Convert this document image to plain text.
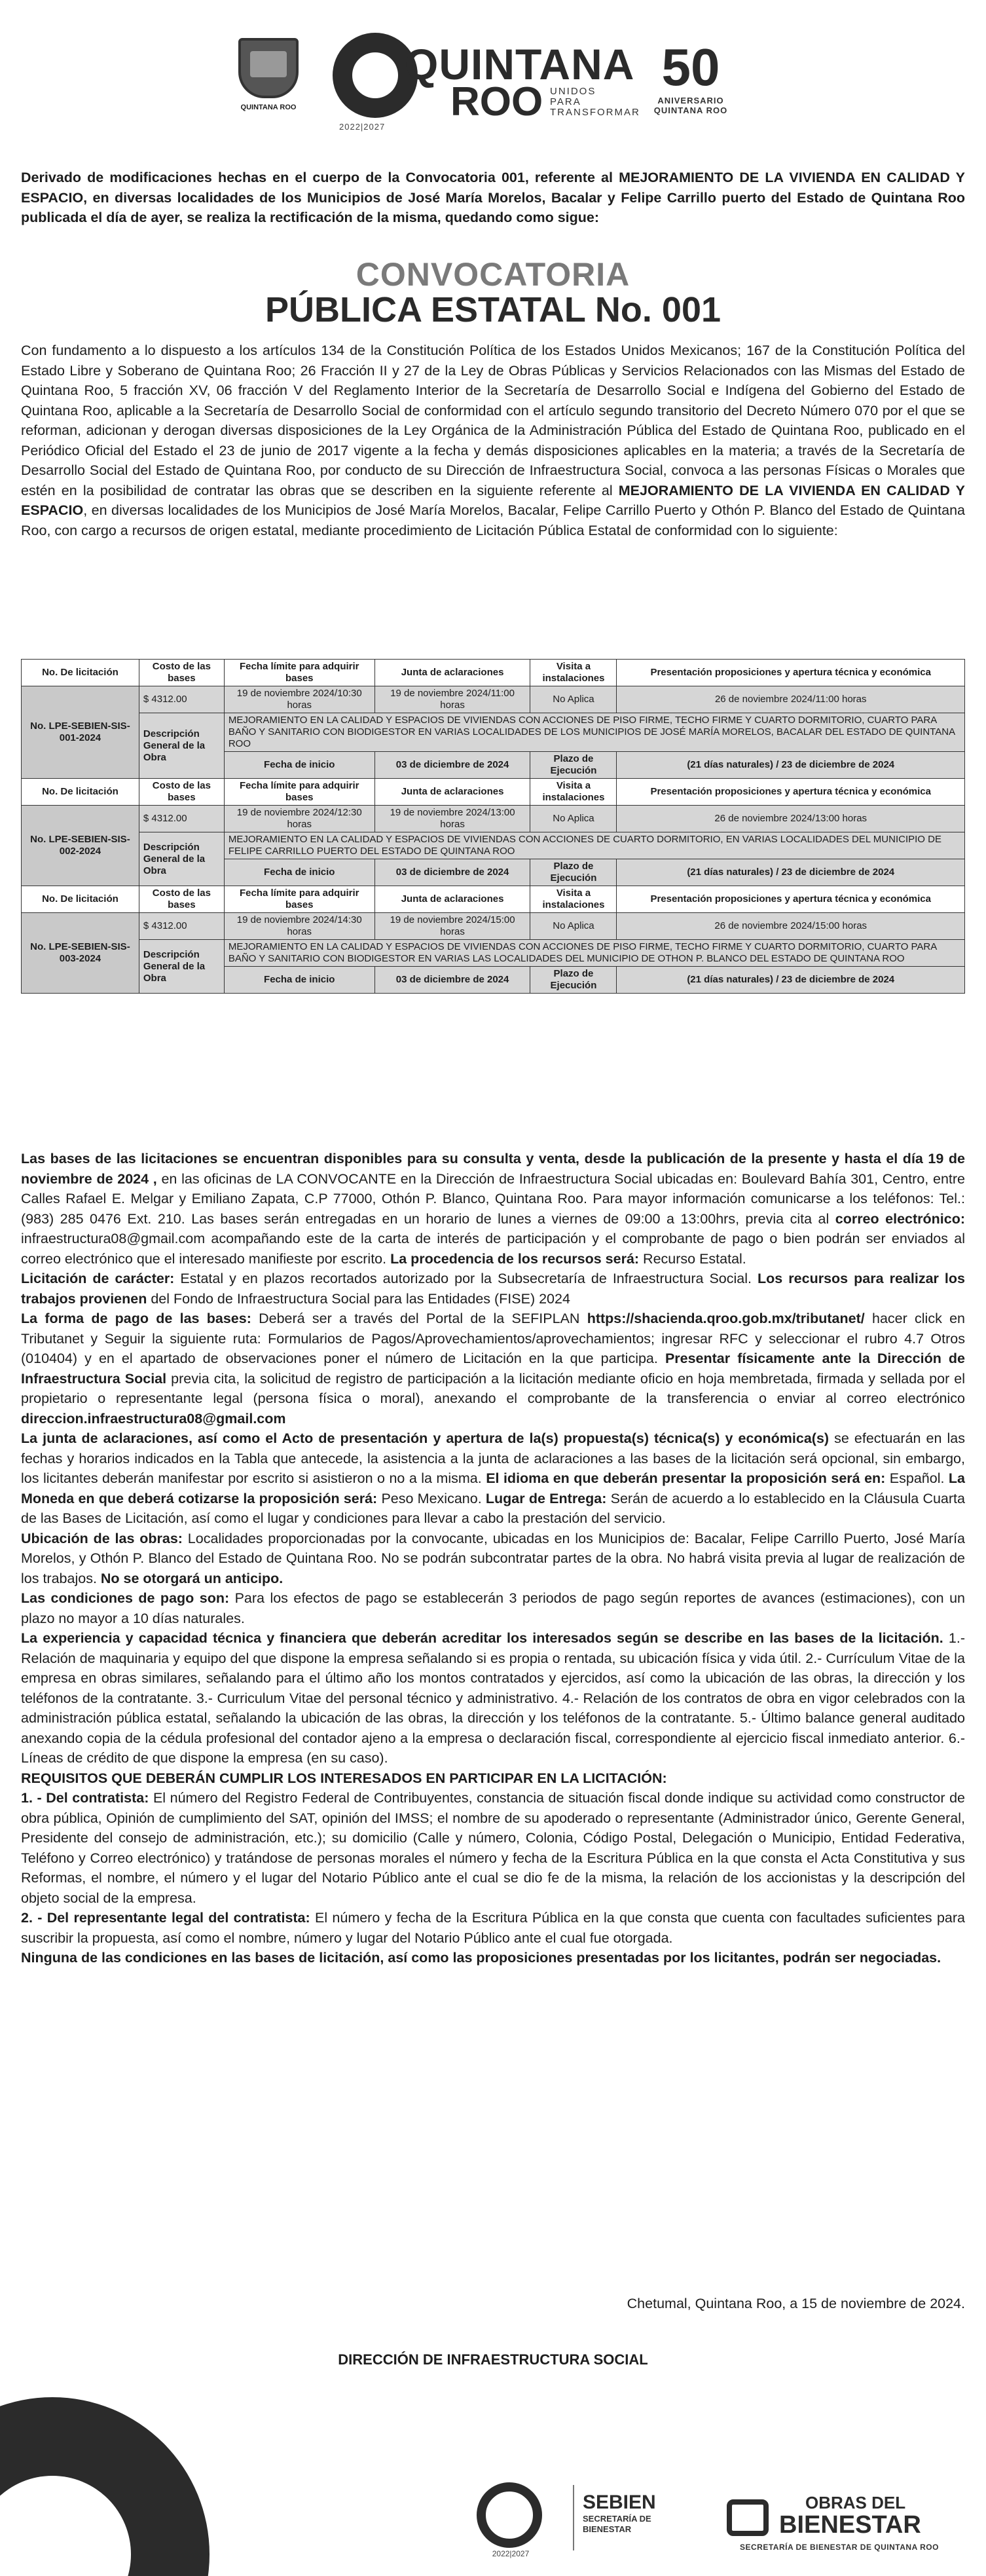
QUINTANA ROO
QUINTANA
ROO UNIDOS PARA TRANSFORMAR
2022|2027
50
ANIVERSARIO QUINTANA ROO
Derivado de modificaciones hechas en el cuerpo de la Convocatoria 001, referente al MEJORAMIENTO DE LA VIVIENDA EN CALIDAD Y ESPACIO, en diversas localidades de los Municipios de José María Morelos, Bacalar y Felipe Carrillo puerto del Estado de Quintana Roo publicada el día de ayer, se realiza la rectificación de la misma, quedando como sigue:
CONVOCATORIA
PÚBLICA ESTATAL No. 001
Con fundamento a lo dispuesto a los artículos 134 de la Constitución Política de los Estados Unidos Mexicanos; 167 de la Constitución Política del Estado Libre y Soberano de Quintana Roo; 26 Fracción II y 27 de la Ley de Obras Públicas y Servicios Relacionados con las Mismas del Estado de Quintana Roo, 5 fracción XV, 06 fracción V del Reglamento Interior de la Secretaría de Desarrollo Social e Indígena del Gobierno del Estado de Quintana Roo, aplicable a la Secretaría de Desarrollo Social de conformidad con el artículo segundo transitorio del Decreto Número 070 por el que se reforman, adicionan y derogan diversas disposiciones de la Ley Orgánica de la Administración Pública del Estado de Quintana Roo, publicado en el Periódico Oficial del Estado el 23 de junio de 2017 vigente a la fecha y demás disposiciones aplicables en la materia; a través de la Secretaría de Desarrollo Social del Estado de Quintana Roo, por conducto de su Dirección de Infraestructura Social, convoca a las personas Físicas o Morales que estén en la posibilidad de contratar las obras que se describen en la siguiente referente al MEJORAMIENTO DE LA VIVIENDA EN CALIDAD Y ESPACIO, en diversas localidades de los Municipios de José María Morelos, Bacalar, Felipe Carrillo Puerto y Othón P. Blanco del Estado de Quintana Roo, con cargo a recursos de origen estatal, mediante procedimiento de Licitación Pública Estatal de conformidad con lo siguiente:
No. De licitación	Costo de las bases	Fecha límite para adquirir bases	Junta de aclaraciones	Visita a instalaciones	Presentación proposiciones y apertura técnica y económica
No. LPE-SEBIEN-SIS-001-2024	$ 4312.00	19 de noviembre 2024/10:30 horas	19 de noviembre 2024/11:00 horas	No Aplica	26 de noviembre 2024/11:00 horas
	Descripción General de la Obra	MEJORAMIENTO EN LA CALIDAD Y ESPACIOS DE VIVIENDAS CON ACCIONES DE PISO FIRME, TECHO FIRME Y CUARTO DORMITORIO, CUARTO PARA BAÑO Y SANITARIO CON BIODIGESTOR EN VARIAS LOCALIDADES DE LOS MUNICIPIOS DE JOSÉ MARÍA MORELOS, BACALAR DEL ESTADO DE QUINTANA ROO			
		Fecha de inicio	03 de diciembre de 2024	Plazo de Ejecución	(21 días naturales) / 23 de diciembre de 2024
No. De licitación	Costo de las bases	Fecha límite para adquirir bases	Junta de aclaraciones	Visita a instalaciones	Presentación proposiciones y apertura técnica y económica
No. LPE-SEBIEN-SIS-002-2024	$ 4312.00	19 de noviembre 2024/12:30 horas	19 de noviembre 2024/13:00 horas	No Aplica	26 de noviembre 2024/13:00 horas
	Descripción General de la Obra	MEJORAMIENTO EN LA CALIDAD Y ESPACIOS DE VIVIENDAS CON ACCIONES DE CUARTO DORMITORIO, EN VARIAS LOCALIDADES DEL MUNICIPIO DE FELIPE CARRILLO PUERTO DEL ESTADO DE QUINTANA ROO			
		Fecha de inicio	03 de diciembre de 2024	Plazo de Ejecución	(21 días naturales) / 23 de diciembre de 2024
No. De licitación	Costo de las bases	Fecha límite para adquirir bases	Junta de aclaraciones	Visita a instalaciones	Presentación proposiciones y apertura técnica y económica
No. LPE-SEBIEN-SIS-003-2024	$ 4312.00	19 de noviembre 2024/14:30 horas	19 de noviembre 2024/15:00 horas	No Aplica	26 de noviembre 2024/15:00 horas
	Descripción General de la Obra	MEJORAMIENTO EN LA CALIDAD Y ESPACIOS DE VIVIENDAS CON ACCIONES DE PISO FIRME, TECHO FIRME Y CUARTO DORMITORIO, CUARTO PARA BAÑO Y SANITARIO CON BIODIGESTOR EN VARIAS LAS LOCALIDADES DEL MUNICIPIO DE OTHON P. BLANCO DEL ESTADO DE QUINTANA ROO			
		Fecha de inicio	03 de diciembre de 2024	Plazo de Ejecución	(21 días naturales) / 23 de diciembre de 2024
Las bases de las licitaciones se encuentran disponibles para su consulta y venta, desde la publicación de la presente y hasta el día 19 de noviembre de 2024 , en las oficinas de LA CONVOCANTE en la Dirección de Infraestructura Social ubicadas en: Boulevard Bahía 301, Centro, entre Calles Rafael E. Melgar y Emiliano Zapata, C.P 77000, Othón P. Blanco, Quintana Roo. Para mayor información comunicarse a los teléfonos: Tel.: (983) 285 0476 Ext. 210. Las bases serán entregadas en un horario de lunes a viernes de 09:00 a 13:00hrs, previa cita al correo electrónico: infraestructura08@gmail.com acompañando este de la carta de interés de participación y el comprobante de pago o bien podrán ser enviados al correo electrónico que el interesado manifieste por escrito. La procedencia de los recursos será: Recurso Estatal.
Licitación de carácter: Estatal y en plazos recortados autorizado por la Subsecretaría de Infraestructura Social. Los recursos para realizar los trabajos provienen del Fondo de Infraestructura Social para las Entidades (FISE) 2024
La forma de pago de las bases: Deberá ser a través del Portal de la SEFIPLAN https://shacienda.qroo.gob.mx/tributanet/ hacer click en Tributanet y Seguir la siguiente ruta: Formularios de Pagos/Aprovechamientos/aprovechamientos; ingresar RFC y seleccionar el rubro 4.7 Otros (010404) y en el apartado de observaciones poner el número de Licitación en la que participa. Presentar físicamente ante la Dirección de Infraestructura Social previa cita, la solicitud de registro de participación a la licitación mediante oficio en hoja membretada, firmada y sellada por el propietario o representante legal (persona física o moral), anexando el comprobante de la transferencia o enviar al correo electrónico direccion.infraestructura08@gmail.com
La junta de aclaraciones, así como el Acto de presentación y apertura de la(s) propuesta(s) técnica(s) y económica(s) se efectuarán en las fechas y horarios indicados en la Tabla que antecede, la asistencia a la junta de aclaraciones a las bases de la licitación será opcional, sin embargo, los licitantes deberán manifestar por escrito si asistieron o no a la misma. El idioma en que deberán presentar la proposición será en: Español. La Moneda en que deberá cotizarse la proposición será: Peso Mexicano. Lugar de Entrega: Serán de acuerdo a lo establecido en la Cláusula Cuarta de las Bases de Licitación, así como el lugar y condiciones para llevar a cabo la prestación del servicio.
Ubicación de las obras: Localidades proporcionadas por la convocante, ubicadas en los Municipios de: Bacalar, Felipe Carrillo Puerto, José María Morelos, y Othón P. Blanco del Estado de Quintana Roo. No se podrán subcontratar partes de la obra. No habrá visita previa al lugar de realización de los trabajos. No se otorgará un anticipo.
Las condiciones de pago son: Para los efectos de pago se establecerán 3 periodos de pago según reportes de avances (estimaciones), con un plazo no mayor a 10 días naturales.
La experiencia y capacidad técnica y financiera que deberán acreditar los interesados según se describe en las bases de la licitación. 1.- Relación de maquinaria y equipo del que dispone la empresa señalando si es propia o rentada, su ubicación física y vida útil. 2.- Currículum Vitae de la empresa en obras similares, señalando para el último año los montos contratados y ejercidos, así como la ubicación de las obras, la dirección y los teléfonos de la contratante. 3.- Curriculum Vitae del personal técnico y administrativo. 4.- Relación de los contratos de obra en vigor celebrados con la administración pública estatal, señalando la ubicación de las obras, la dirección y los teléfonos de la contratante. 5.- Último balance general auditado anexando copia de la cédula profesional del contador ajeno a la empresa o declaración fiscal, correspondiente al ejercicio fiscal inmediato anterior. 6.- Líneas de crédito de que dispone la empresa (en su caso).
REQUISITOS QUE DEBERÁN CUMPLIR LOS INTERESADOS EN PARTICIPAR EN LA LICITACIÓN:
1. - Del contratista: El número del Registro Federal de Contribuyentes, constancia de situación fiscal donde indique su actividad como constructor de obra pública, Opinión de cumplimiento del SAT, opinión del IMSS; el nombre de su apoderado o representante (Administrador único, Gerente General, Presidente del consejo de administración, etc.); su domicilio (Calle y número, Colonia, Código Postal, Delegación o Municipio, Entidad Federativa, Teléfono y Correo electrónico) y tratándose de personas morales el número y fecha de la Escritura Pública en la que consta el Acta Constitutiva y sus Reformas, el nombre, el número y el lugar del Notario Público ante el cual se dio fe de la misma, la relación de los accionistas y la descripción del objeto social de la empresa.
2. - Del representante legal del contratista: El número y fecha de la Escritura Pública en la que consta que cuenta con facultades suficientes para suscribir la propuesta, así como el nombre, número y lugar del Notario Público ante el cual fue otorgada.
Ninguna de las condiciones en las bases de licitación, así como las proposiciones presentadas por los licitantes, podrán ser negociadas.
Chetumal, Quintana Roo, a 15 de noviembre de 2024.
DIRECCIÓN DE INFRAESTRUCTURA SOCIAL
2022|2027
SEBIEN
SECRETARÍA DE BIENESTAR
OBRAS DEL
BIENESTAR
SECRETARÍA DE BIENESTAR DE QUINTANA ROO
